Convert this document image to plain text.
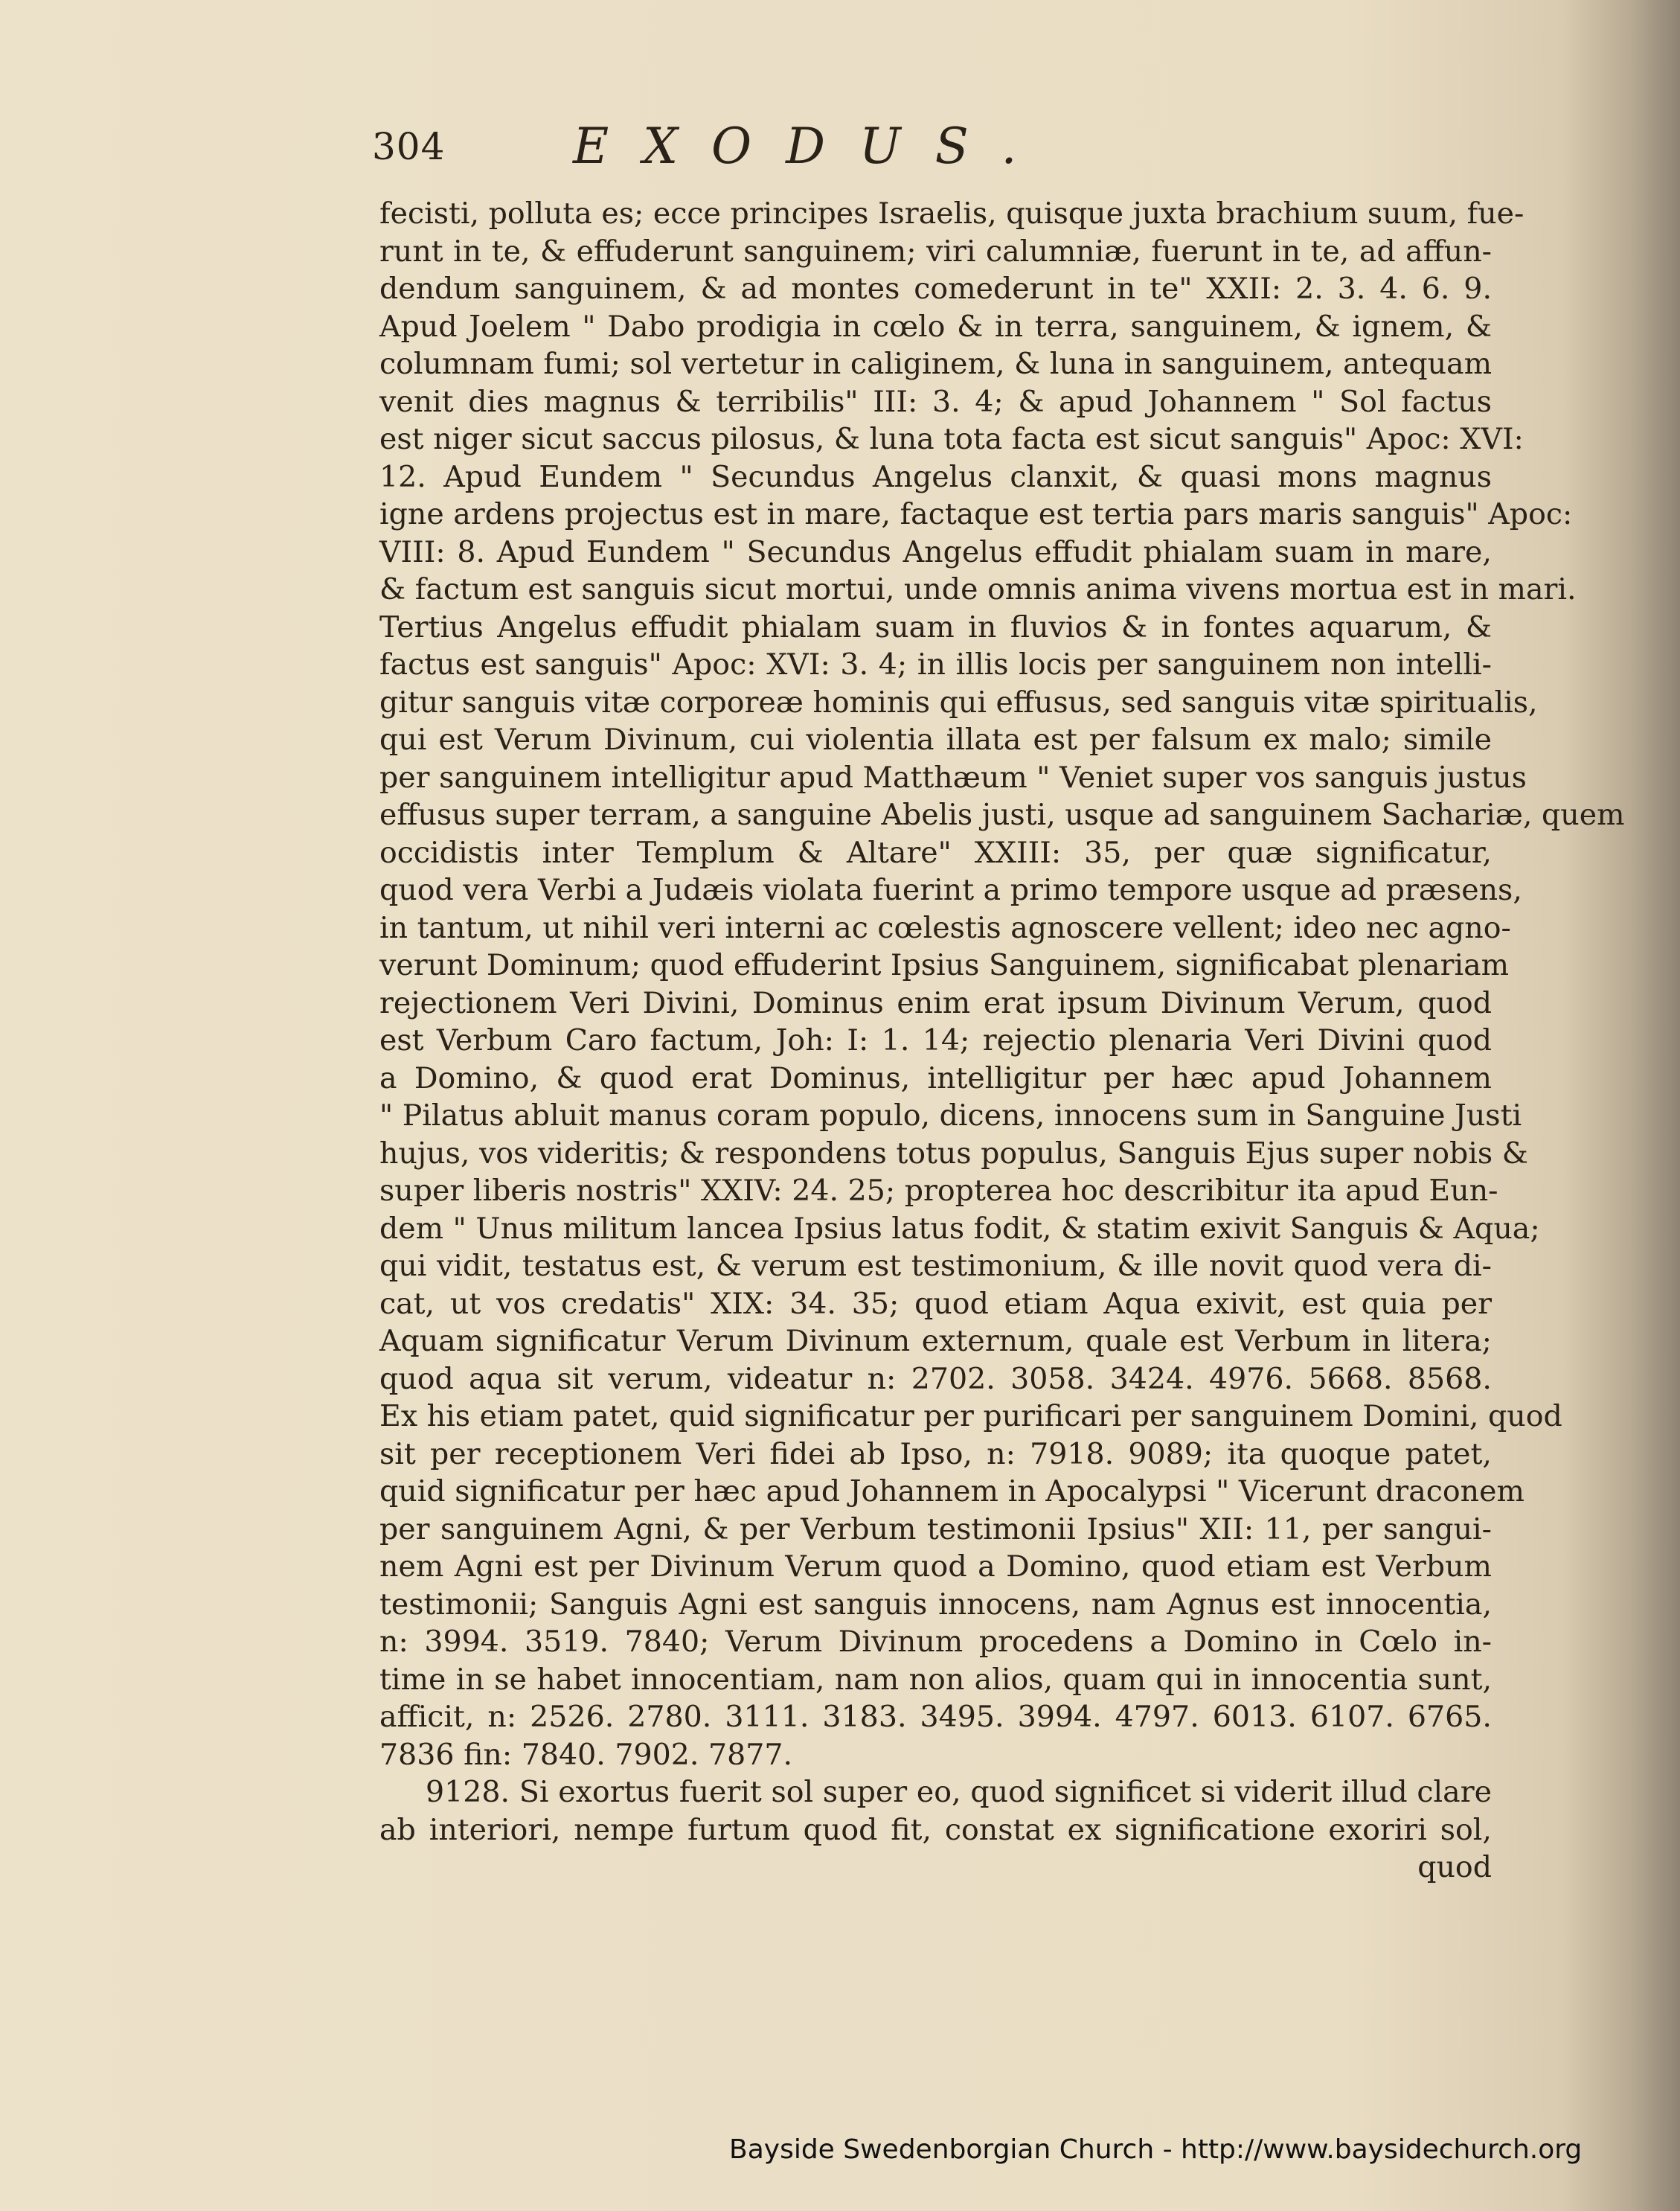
304	EXODUS.
fecisti, polluta es; ecce principes Israelis, quisque juxta brachium suum, fue-
runt in te, & effuderunt sanguinem; viri calumniæ, fuerunt in te, ad affun-
dendum sanguinem, & ad montes comederunt in te" XXII: 2. 3. 4. 6. 9.
Apud Joelem " Dabo prodigia in cœlo & in terra, sanguinem, & ignem, &
columnam fumi; sol vertetur in caliginem, & luna in sanguinem, antequam
venit dies magnus & terribilis" III: 3. 4; & apud Johannem " Sol factus
est niger sicut saccus pilosus, & luna tota facta est sicut sanguis" Apoc: XVI:
12. Apud Eundem " Secundus Angelus clanxit, & quasi mons magnus
igne ardens projectus est in mare, factaque est tertia pars maris sanguis" Apoc:
VIII: 8. Apud Eundem " Secundus Angelus effudit phialam suam in mare,
& factum est sanguis sicut mortui, unde omnis anima vivens mortua est in mari.
Tertius Angelus effudit phialam suam in fluvios & in fontes aquarum, &
factus est sanguis" Apoc: XVI: 3. 4; in illis locis per sanguinem non intelli-
gitur sanguis vitæ corporeæ hominis qui effusus, sed sanguis vitæ spiritualis,
qui est Verum Divinum, cui violentia illata est per falsum ex malo; simile
per sanguinem intelligitur apud Matthæum " Veniet super vos sanguis justus
effusus super terram, a sanguine Abelis justi, usque ad sanguinem Sachariæ, quem
occidistis inter Templum & Altare" XXIII: 35, per quæ significatur,
quod vera Verbi a Judæis violata fuerint a primo tempore usque ad præsens,
in tantum, ut nihil veri interni ac cœlestis agnoscere vellent; ideo nec agno-
verunt Dominum; quod effuderint Ipsius Sanguinem, significabat plenariam
rejectionem Veri Divini, Dominus enim erat ipsum Divinum Verum, quod
est Verbum Caro factum, Joh: I: 1. 14; rejectio plenaria Veri Divini quod
a Domino, & quod erat Dominus, intelligitur per hæc apud Johannem
" Pilatus abluit manus coram populo, dicens, innocens sum in Sanguine Justi
hujus, vos videritis; & respondens totus populus, Sanguis Ejus super nobis &
super liberis nostris" XXIV: 24. 25; propterea hoc describitur ita apud Eun-
dem " Unus militum lancea Ipsius latus fodit, & statim exivit Sanguis & Aqua;
qui vidit, testatus est, & verum est testimonium, & ille novit quod vera di-
cat, ut vos credatis" XIX: 34. 35; quod etiam Aqua exivit, est quia per
Aquam significatur Verum Divinum externum, quale est Verbum in litera;
quod aqua sit verum, videatur n: 2702. 3058. 3424. 4976. 5668. 8568.
Ex his etiam patet, quid significatur per purificari per sanguinem Domini, quod
sit per receptionem Veri fidei ab Ipso, n: 7918. 9089; ita quoque patet,
quid significatur per hæc apud Johannem in Apocalypsi " Vicerunt draconem
per sanguinem Agni, & per Verbum testimonii Ipsius" XII: 11, per sangui-
nem Agni est per Divinum Verum quod a Domino, quod etiam est Verbum
testimonii; Sanguis Agni est sanguis innocens, nam Agnus est innocentia,
n: 3994. 3519. 7840; Verum Divinum procedens a Domino in Cœlo in-
time in se habet innocentiam, nam non alios, quam qui in innocentia sunt,
afficit, n: 2526. 2780. 3111. 3183. 3495. 3994. 4797. 6013. 6107. 6765.
7836 fin: 7840. 7902. 7877.
9128. Si exortus fuerit sol super eo, quod significet si viderit illud clare
ab interiori, nempe furtum quod fit, constat ex significatione exoriri sol,
quod
Bayside Swedenborgian Church - http://www.baysidechurch.org
